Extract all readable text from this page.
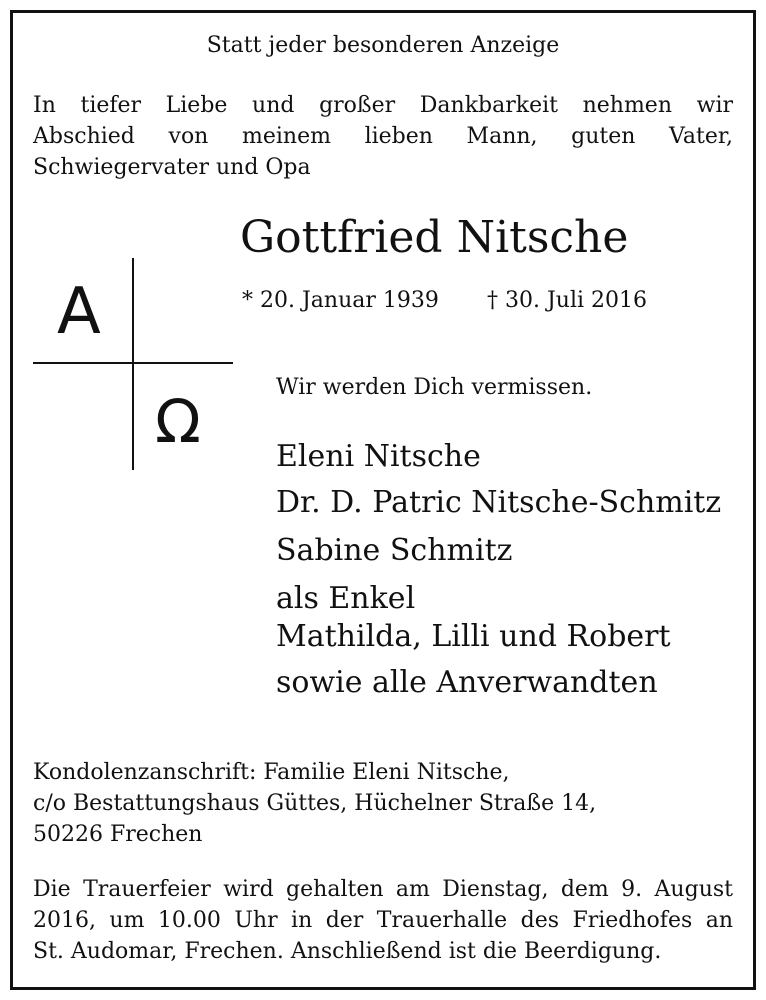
Statt jeder besonderen Anzeige
In tiefer Liebe und großer Dankbarkeit nehmen wir
Abschied von meinem lieben Mann, guten Vater,
Schwiegervater und Opa
Gottfried Nitsche
* 20. Januar 1939 † 30. Juli 2016
A
Ω	Wir werden Dich vermissen.
Eleni Nitsche
Dr. D. Patric Nitsche-Schmitz
Sabine Schmitz
als Enkel
Mathilda, Lilli und Robert
sowie alle Anverwandten
Kondolenzanschrift: Familie Eleni Nitsche,
c/o Bestattungshaus Güttes, Hüchelner Straße 14,
50226 Frechen
Die Trauerfeier wird gehalten am Dienstag, dem 9. August
2016, um 10.00 Uhr in der Trauerhalle des Friedhofes an
St. Audomar, Frechen. Anschließend ist die Beerdigung.
